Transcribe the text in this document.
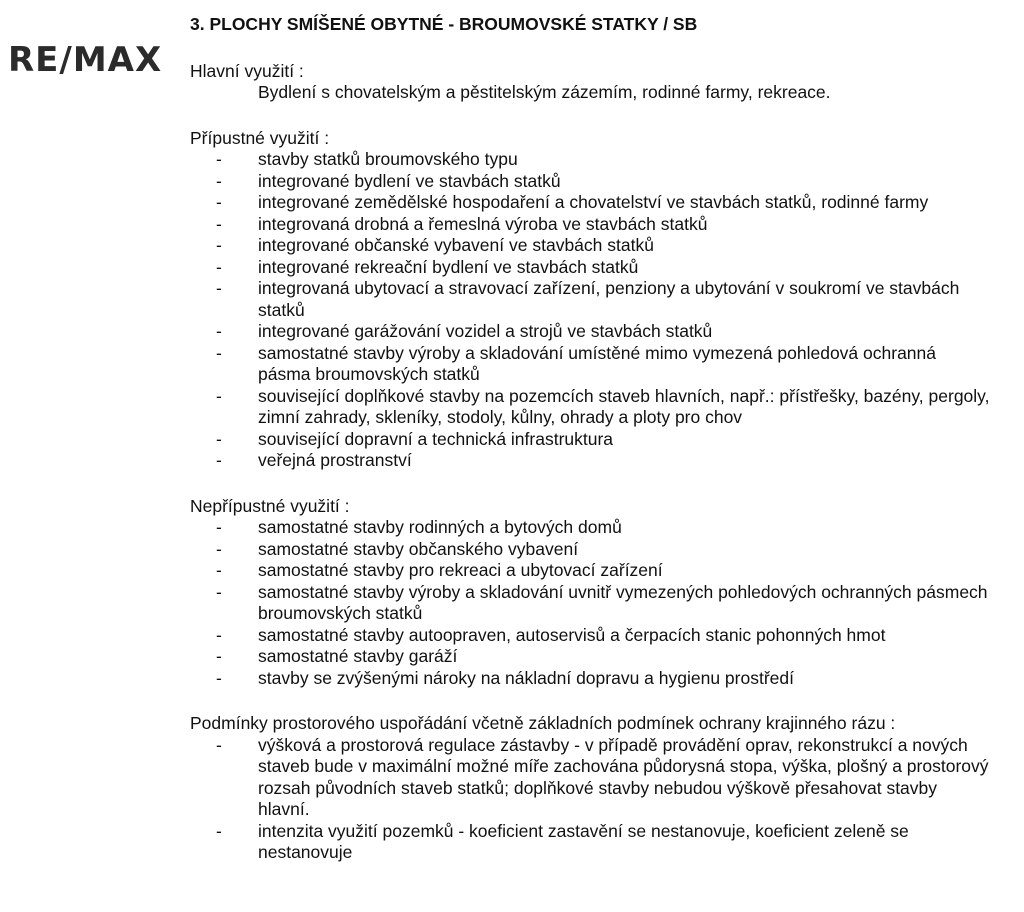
RE/MAX

3. PLOCHY SMÍŠENÉ OBYTNÉ - BROUMOVSKÉ STATKY / SB

Hlavní využití :

Bydlení s chovatelským a pěstitelským zázemím, rodinné farmy, rekreace.

Přípustné využití :

- stavby statků broumovského typu
- integrované bydlení ve stavbách statků
- integrované zemědělské hospodaření a chovatelství ve stavbách statků, rodinné farmy
- integrovaná drobná a řemeslná výroba ve stavbách statků
- integrované občanské vybavení ve stavbách statků
- integrované rekreační bydlení ve stavbách statků
- integrovaná ubytovací a stravovací zařízení, penziony a ubytování v soukromí ve stavbách statků
- integrované garážování vozidel a strojů ve stavbách statků
- samostatné stavby výroby a skladování umístěné mimo vymezená pohledová ochranná pásma broumovských statků
- související doplňkové stavby na pozemcích staveb hlavních, např.: přístřešky, bazény, pergoly, zimní zahrady, skleníky, stodoly, kůlny, ohrady a ploty pro chov
- související dopravní a technická infrastruktura
- veřejná prostranství

Nepřípustné využití :

- samostatné stavby rodinných a bytových domů
- samostatné stavby občanského vybavení
- samostatné stavby pro rekreaci a ubytovací zařízení
- samostatné stavby výroby a skladování uvnitř vymezených pohledových ochranných pásmech broumovských statků
- samostatné stavby autoopraven, autoservisů a čerpacích stanic pohonných hmot
- samostatné stavby garáží
- stavby se zvýšenými nároky na nákladní dopravu a hygienu prostředí

Podmínky prostorového uspořádání včetně základních podmínek ochrany krajinného rázu :

- výšková a prostorová regulace zástavby - v případě provádění oprav, rekonstrukcí a nových staveb bude v maximální možné míře zachována půdorysná stopa, výška, plošný a prostorový rozsah původních staveb statků; doplňkové stavby nebudou výškově přesahovat stavby hlavní.
- intenzita využití pozemků - koeficient zastavění se nestanovuje, koeficient zeleně se nestanovuje
